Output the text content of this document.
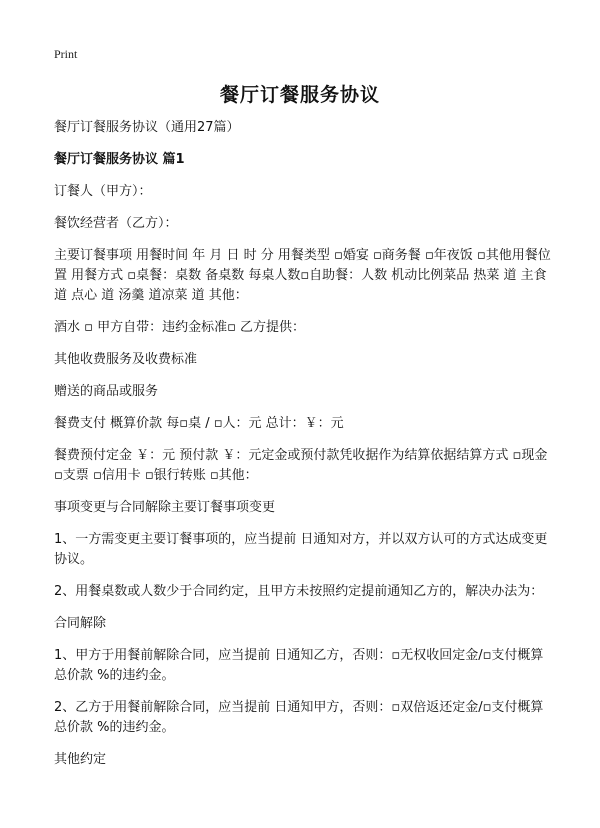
Print
餐厅订餐服务协议

餐厅订餐服务协议（通用27篇）

餐厅订餐服务协议 篇1

订餐人（甲方）：

餐饮经营者（乙方）：

主要订餐事项 用餐时间 年 月 日 时 分 用餐类型 ▫婚宴 ▫商务餐 ▫年夜饭 ▫其他用餐位置 用餐方式 ▫桌餐：桌数 备桌数 每桌人数▫自助餐：人数 机动比例菜品 热菜 道 主食 道 点心 道 汤羹 道凉菜 道 其他：

酒水 ▫ 甲方自带：违约金标准▫ 乙方提供：

其他收费服务及收费标准

赠送的商品或服务

餐费支付 概算价款 每▫桌 / ▫人：元 总计：￥：元

餐费预付定金 ￥：元 预付款 ￥：元定金或预付款凭收据作为结算依据结算方式 ▫现金 ▫支票 ▫信用卡 ▫银行转账 ▫其他：

事项变更与合同解除主要订餐事项变更

1、一方需变更主要订餐事项的，应当提前 日通知对方，并以双方认可的方式达成变更协议。

2、用餐桌数或人数少于合同约定，且甲方未按照约定提前通知乙方的，解决办法为：

合同解除

1、甲方于用餐前解除合同，应当提前 日通知乙方，否则：▫无权收回定金/▫支付概算总价款 %的违约金。

2、乙方于用餐前解除合同，应当提前 日通知甲方，否则：▫双倍返还定金/▫支付概算总价款 %的违约金。

其他约定
